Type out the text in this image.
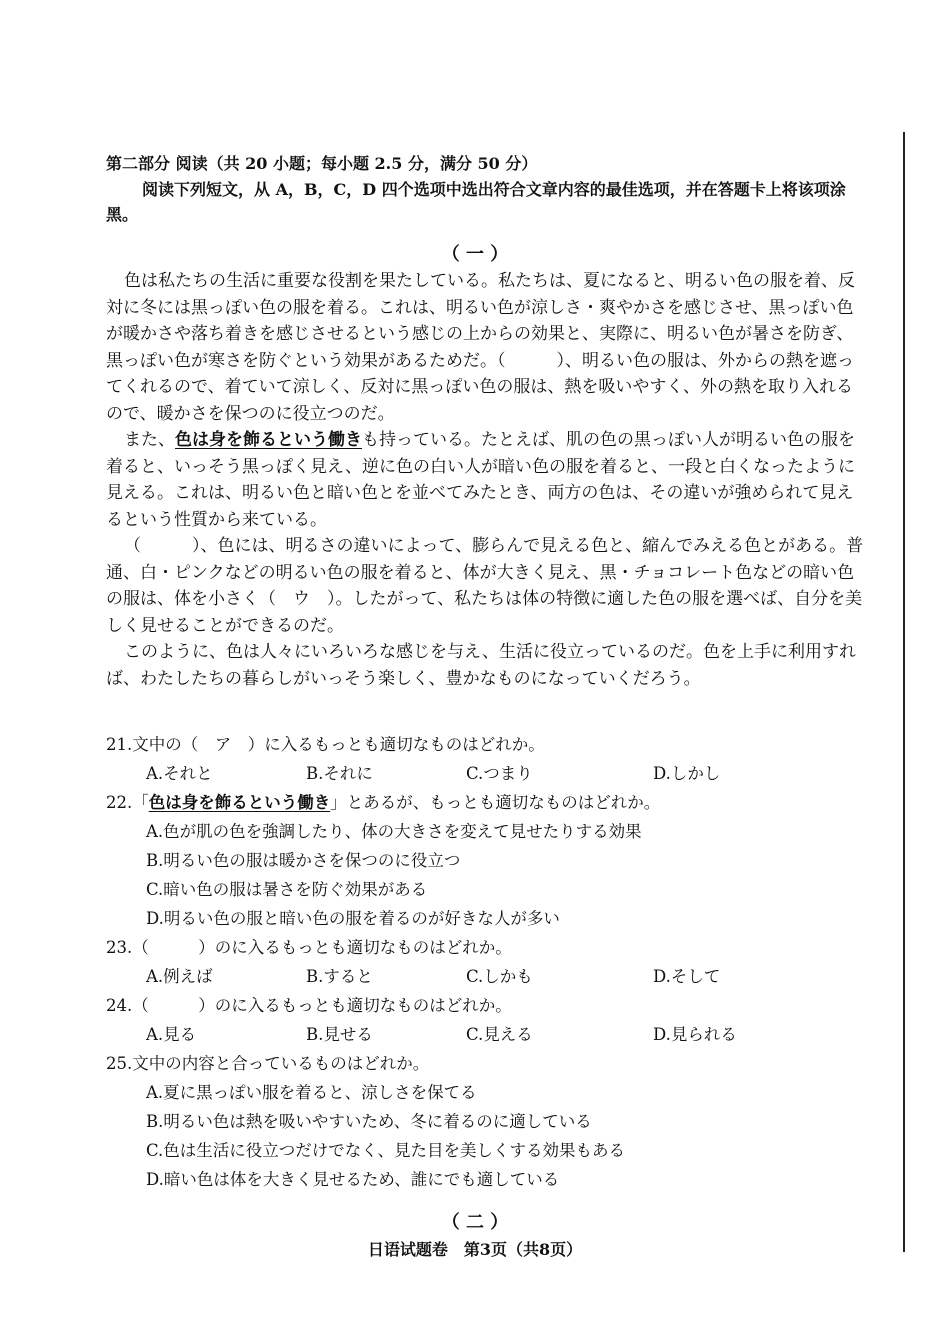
第二部分 阅读（共 20 小题；每小题 2.5 分，满分 50 分）
阅读下列短文，从 A，B，C，D 四个选项中选出符合文章内容的最佳选项，并在答题卡上将该项涂黑。
（ 一 ）

色は私たちの生活に重要な役割を果たしている。私たちは、夏になると、明るい色の服を着、反対に冬には黒っぽい色の服を着る。これは、明るい色が涼しさ・爽やかさを感じさせ、黒っぽい色が暖かさや落ち着きを感じさせるという感じの上からの効果と、実際に、明るい色が暑さを防ぎ、黒っぽい色が寒さを防ぐという効果があるためだ。（　　　）、明るい色の服は、外からの熱を遮ってくれるので、着ていて涼しく、反対に黒っぽい色の服は、熱を吸いやすく、外の熱を取り入れるので、暖かさを保つのに役立つのだ。

また、色は身を飾るという働きも持っている。たとえば、肌の色の黒っぽい人が明るい色の服を着ると、いっそう黒っぽく見え、逆に色の白い人が暗い色の服を着ると、一段と白くなったように見える。これは、明るい色と暗い色とを並べてみたとき、両方の色は、その違いが強められて見えるという性質から来ている。

（　　　）、色には、明るさの違いによって、膨らんで見える色と、縮んでみえる色とがある。普通、白・ピンクなどの明るい色の服を着ると、体が大きく見え、黒・チョコレート色などの暗い色の服は、体を小さく（　ウ　）。したがって、私たちは体の特徴に適した色の服を選べば、自分を美しく見せることができるのだ。

このように、色は人々にいろいろな感じを与え、生活に役立っているのだ。色を上手に利用すれば、わたしたちの暮らしがいっそう楽しく、豊かなものになっていくだろう。

21.文中の（　ア　）に入るもっとも適切なものはどれか。
A.それと	B.それに	C.つまり	D.しかし
22.「色は身を飾るという働き」とあるが、もっとも適切なものはどれか。
A.色が肌の色を強調したり、体の大きさを変えて見せたりする効果
B.明るい色の服は暖かさを保つのに役立つ
C.暗い色の服は暑さを防ぐ効果がある
D.明るい色の服と暗い色の服を着るのが好きな人が多い
23.（　　　）のに入るもっとも適切なものはどれか。
A.例えば	B.すると	C.しかも	D.そして
24.（　　　）のに入るもっとも適切なものはどれか。
A.見る	B.見せる	C.見える	D.見られる
25.文中の内容と合っているものはどれか。
A.夏に黒っぽい服を着ると、涼しさを保てる
B.明るい色は熱を吸いやすいため、冬に着るのに適している
C.色は生活に役立つだけでなく、見た目を美しくする効果もある
D.暗い色は体を大きく見せるため、誰にでも適している
（ 二 ）
日语试题卷　第3页（共8页）
